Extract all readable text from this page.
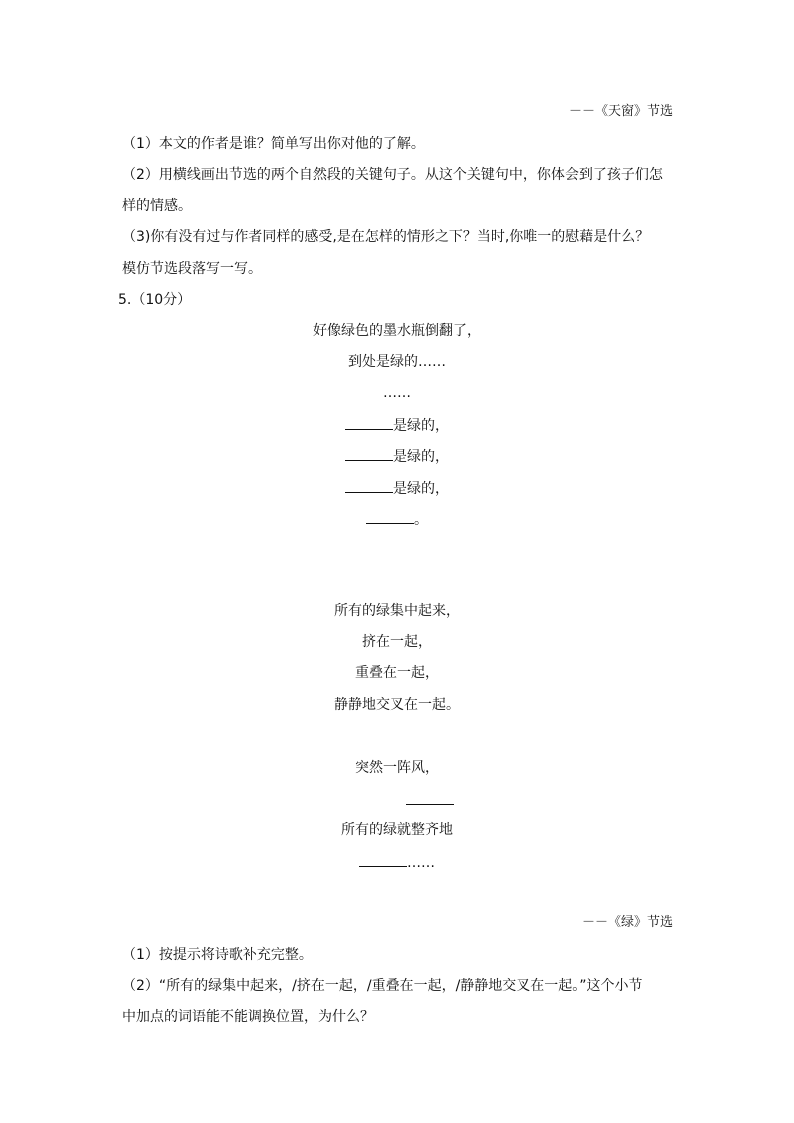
－－《天窗》节选
（1）本文的作者是谁？简单写出你对他的了解。
（2）用横线画出节选的两个自然段的关键句子。从这个关键句中，你体会到了孩子们怎
样的情感。
（3)你有没有过与作者同样的感受,是在怎样的情形之下？当时,你唯一的慰藉是什么？
模仿节选段落写一写。
5.（10分）
好像绿色的墨水瓶倒翻了，
到处是绿的……
……
是绿的，
是绿的，
是绿的，
。
所有的绿集中起来，
挤在一起，
重叠在一起，
静静地交叉在一起。
突然一阵风，
所有的绿就整齐地
……
－－《绿》节选
（1）按提示将诗歌补充完整。
（2）“所有的绿集中起来，/挤在一起，/重叠在一起，/静静地交叉在一起。”这个小节
中加点的词语能不能调换位置，为什么？
